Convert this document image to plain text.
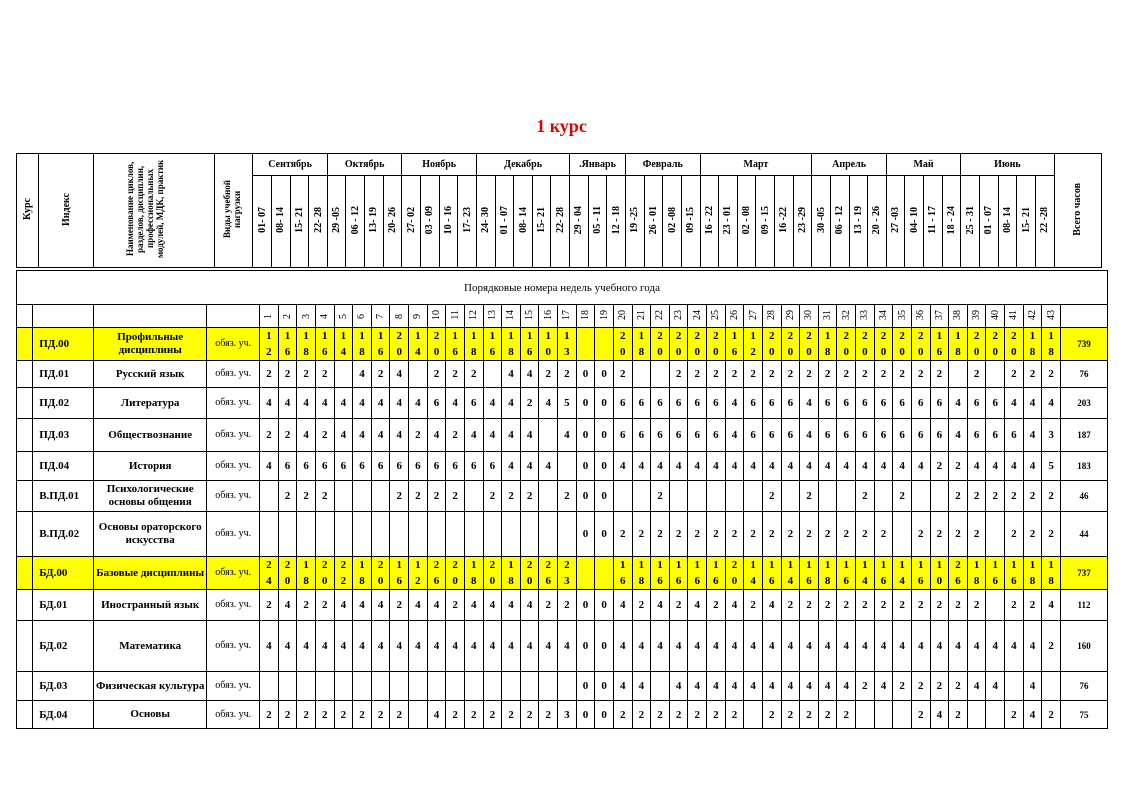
1 курс
Курс	Индекс	Наименование циклов, разделов, дисциплин, профессиональных модулей, МДК, практик	Виды учебной нагрузки	Сентябрь				Октябрь				Ноябрь				Декабрь					.Январь			Февраль				Март						Апрель				Май				Июнь					Всего часов
				01- 07	08- 14	15- 21	22- 28	29 -05	06 - 12	13- 19	20- 26	27- 02	03 - 09	10 - 16	17- 23	24- 30	01 - 07	08- 14	15- 21	22- 28	29 - 04	05 - 11	12 - 18	19 -25	26 - 01	02 -08	09 -15	16 - 22	23 - 01	02 - 08	09 - 15	16 -22	23 -29	30 -05	06 - 12	13 - 19	20 - 26	27 -03	04- 10	11 - 17	18 - 24	25 - 31	01 - 07	08- 14	15- 21	22 -28	
Порядковые номера недель учебного года																																															
				1	2	3	4	5	6	7	8	9	10	11	12	13	14	15	16	17	18	19	20	21	22	23	24	25	26	27	28	29	30	31	32	33	34	35	36	37	38	39	40	41	42	43	
	ПД.00	Профильные дисциплины	обяз. уч.	12	16	18	16	14	18	16	20	14	20	16	18	16	18	16	10	13			20	18	20	20	20	20	16	12	20	20	20	18	20	20	20	20	20	16	18	20	20	20	18	18	739
	ПД.01	Русский язык	обяз. уч.	2	2	2	2		4	2	4		2	2	2		4	4	2	2	0	0	2			2	2	2	2	2	2	2	2	2	2	2	2	2	2	2		2		2	2	2	76
	ПД.02	Литература	обяз. уч.	4	4	4	4	4	4	4	4	4	6	4	6	4	4	2	4	5	0	0	6	6	6	6	6	6	4	6	6	6	4	6	6	6	6	6	6	6	4	6	6	4	4	4	203
	ПД.03	Обществознание	обяз. уч.	2	2	4	2	4	4	4	4	2	4	2	4	4	4	4		4	0	0	6	6	6	6	6	6	4	6	6	6	4	6	6	6	6	6	6	6	4	6	6	6	4	3	187
	ПД.04	История	обяз. уч.	4	6	6	6	6	6	6	6	6	6	6	6	6	4	4	4		0	0	4	4	4	4	4	4	4	4	4	4	4	4	4	4	4	4	4	2	2	4	4	4	4	5	183
	В.ПД.01	Психологические основы общения	обяз. уч.		2	2	2				2	2	2	2		2	2	2		2	0	0			2						2		2			2		2			2	2	2	2	2	2	46
	В.ПД.02	Основы ораторского искусства	обяз. уч.																		0	0	2	2	2	2	2	2	2	2	2	2	2	2	2	2	2		2	2	2	2		2	2	2	44
	БД.00	Базовые дисциплины	обяз. уч.	24	20	18	20	22	18	20	16	12	26	20	18	20	18	20	26	23			16	18	16	16	16	16	20	14	16	14	16	18	16	14	16	14	16	10	26	18	16	16	18	18	737
	БД.01	Иностранный язык	обяз. уч.	2	4	2	2	4	4	4	2	4	4	2	4	4	4	4	2	2	0	0	4	2	4	2	4	2	4	2	4	2	2	2	2	2	2	2	2	2	2	2		2	2	4	112
	БД.02	Математика	обяз. уч.	4	4	4	4	4	4	4	4	4	4	4	4	4	4	4	4	4	0	0	4	4	4	4	4	4	4	4	4	4	4	4	4	4	4	4	4	4	4	4	4	4	4	2	160
	БД.03	Физическая культура	обяз. уч.																		0	0	4	4		4	4	4	4	4	4	4	4	4	4	2	4	2	2	2	2	4	4		4		76
	БД.04	Основы	обяз. уч.	2	2	2	2	2	2	2	2		4	2	2	2	2	2	2	3	0	0	2	2	2	2	2	2	2		2	2	2	2	2				2	4	2			2	4	2	75
